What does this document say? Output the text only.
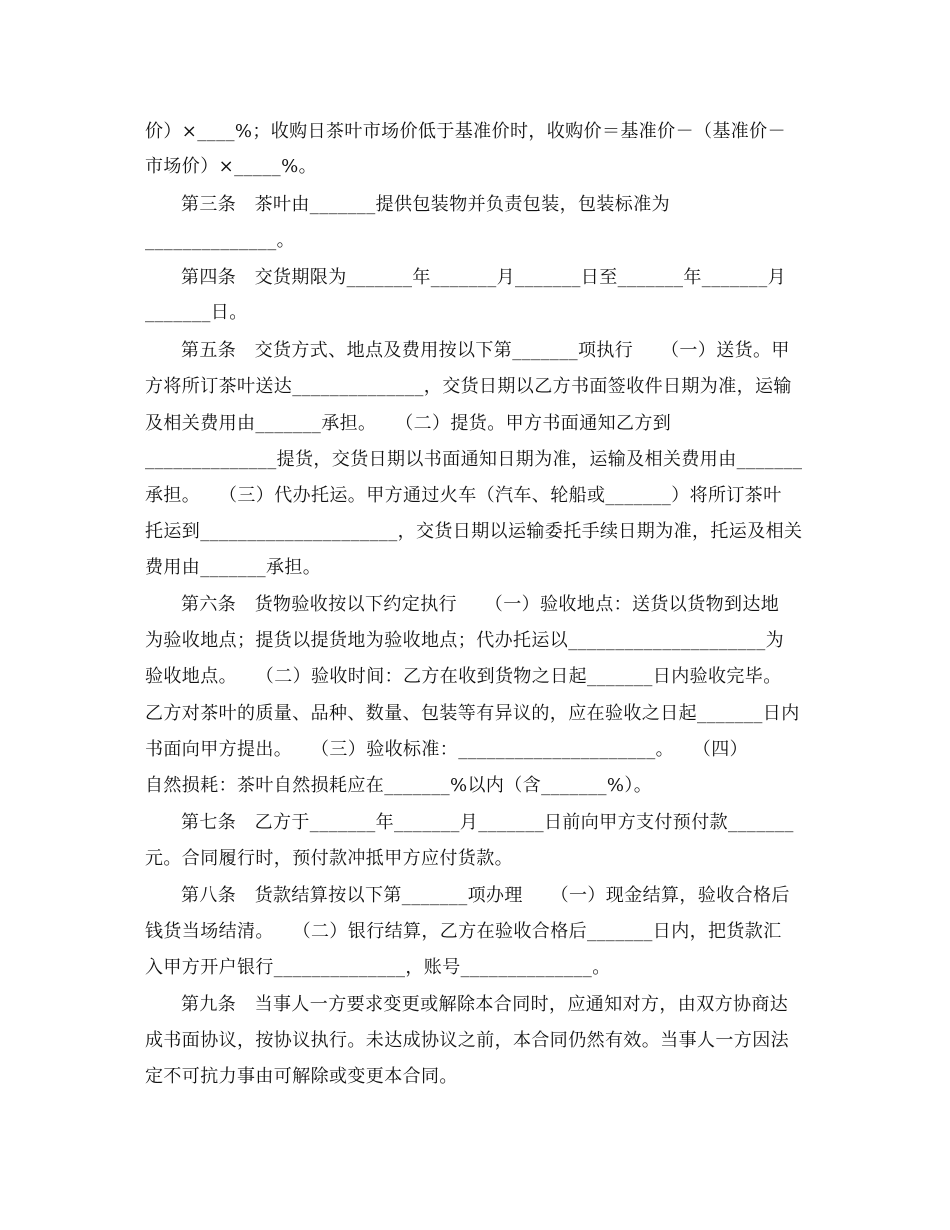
价）×____%；收购日茶叶市场价低于基准价时，收购价＝基准价－（基准价－
市场价）×_____%。
第三条　茶叶由_______提供包装物并负责包装，包装标准为
______________。
第四条　交货期限为_______年_______月_______日至_______年_______月
_______日。
第五条　交货方式、地点及费用按以下第_______项执行　　（一）送货。甲
方将所订茶叶送达______________，交货日期以乙方书面签收件日期为准，运输
及相关费用由_______承担。　　（二）提货。甲方书面通知乙方到
______________提货，交货日期以书面通知日期为准，运输及相关费用由_______
承担。　　（三）代办托运。甲方通过火车（汽车、轮船或_______）将所订茶叶
托运到_____________________，交货日期以运输委托手续日期为准，托运及相关
费用由_______承担。
第六条　货物验收按以下约定执行　　（一）验收地点：送货以货物到达地
为验收地点；提货以提货地为验收地点；代办托运以_____________________为
验收地点。　　（二）验收时间：乙方在收到货物之日起_______日内验收完毕。
乙方对茶叶的质量、品种、数量、包装等有异议的，应在验收之日起_______日内
书面向甲方提出。　　（三）验收标准：_____________________。　　（四）
自然损耗：茶叶自然损耗应在_______%以内（含_______%）。
第七条　乙方于_______年_______月_______日前向甲方支付预付款_______
元。合同履行时，预付款冲抵甲方应付货款。
第八条　货款结算按以下第_______项办理　　（一）现金结算，验收合格后
钱货当场结清。　　（二）银行结算，乙方在验收合格后_______日内，把货款汇
入甲方开户银行______________，账号______________。
第九条　当事人一方要求变更或解除本合同时，应通知对方，由双方协商达
成书面协议，按协议执行。未达成协议之前，本合同仍然有效。当事人一方因法
定不可抗力事由可解除或变更本合同。
